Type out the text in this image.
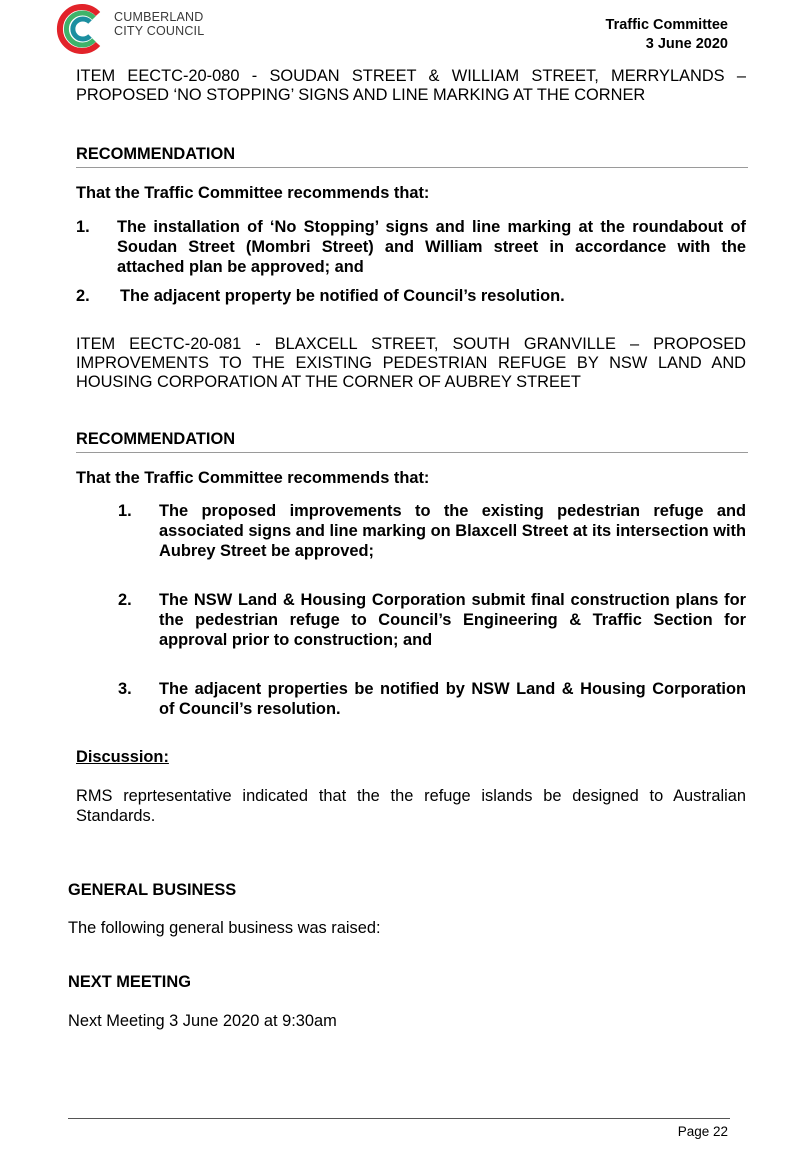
CUMBERLAND
CITY COUNCIL	Traffic Committee
3 June 2020
ITEM EECTC-20-080 - SOUDAN STREET & WILLIAM STREET, MERRYLANDS – PROPOSED ‘NO STOPPING’ SIGNS AND LINE MARKING AT THE CORNER
RECOMMENDATION
That the Traffic Committee recommends that:
1. The installation of ‘No Stopping’ signs and line marking at the roundabout of Soudan Street (Mombri Street) and William street in accordance with the attached plan be approved; and
2. The adjacent property be notified of Council’s resolution.
ITEM EECTC-20-081 - BLAXCELL STREET, SOUTH GRANVILLE – PROPOSED IMPROVEMENTS TO THE EXISTING PEDESTRIAN REFUGE BY NSW LAND AND HOUSING CORPORATION AT THE CORNER OF AUBREY STREET
RECOMMENDATION
That the Traffic Committee recommends that:
1. The proposed improvements to the existing pedestrian refuge and associated signs and line marking on Blaxcell Street at its intersection with Aubrey Street be approved;
2. The NSW Land & Housing Corporation submit final construction plans for the pedestrian refuge to Council’s Engineering & Traffic Section for approval prior to construction; and
3. The adjacent properties be notified by NSW Land & Housing Corporation of Council’s resolution.
Discussion:
RMS reprtesentative indicated that the the refuge islands be designed to Australian Standards.
GENERAL BUSINESS
The following general business was raised:
NEXT MEETING
Next Meeting 3 June 2020 at 9:30am
Page 22
